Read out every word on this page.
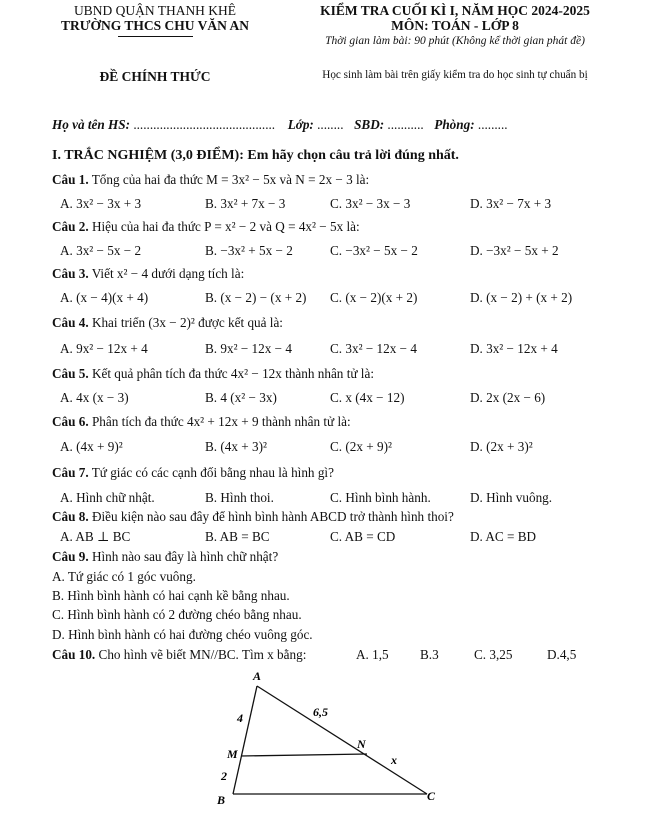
UBND QUẬN THANH KHÊ
TRƯỜNG THCS CHU VĂN AN
ĐỀ CHÍNH THỨC
KIỂM TRA CUỐI KÌ I, NĂM HỌC 2024-2025
MÔN: TOÁN - LỚP 8
Thời gian làm bài: 90 phút (Không kể thời gian phát đề)
Học sinh làm bài trên giấy kiểm tra do học sinh tự chuẩn bị
Họ và tên HS: ........................................... Lớp: ........ SBD: ........... Phòng: .........
I. TRẮC NGHIỆM (3,0 ĐIỂM): Em hãy chọn câu trả lời đúng nhất.
Câu 1. Tổng của hai đa thức M = 3x² − 5x và N = 2x − 3 là:
A. 3x² − 3x + 3	B. 3x² + 7x − 3	C. 3x² − 3x − 3	D. 3x² − 7x + 3
Câu 2. Hiệu của hai đa thức P = x² − 2 và Q = 4x² − 5x là:
A. 3x² − 5x − 2	B. −3x² + 5x − 2	C. −3x² − 5x − 2	D. −3x² − 5x + 2
Câu 3. Viết x² − 4 dưới dạng tích là:
A. (x − 4)(x + 4)	B. (x − 2) − (x + 2) C. (x − 2)(x + 2)	D. (x − 2) + (x + 2)
Câu 4. Khai triển (3x − 2)² được kết quả là:
A. 9x² − 12x + 4	B. 9x² − 12x − 4	C. 3x² − 12x − 4	D. 3x² − 12x + 4
Câu 5. Kết quả phân tích đa thức 4x² − 12x thành nhân tử là:
A. 4x (x − 3)	B. 4 (x² − 3x)	C. x (4x − 12)	D. 2x (2x − 6)
Câu 6. Phân tích đa thức 4x² + 12x + 9 thành nhân tử là:
A. (4x + 9)²	B. (4x + 3)²	C. (2x + 9)²	D. (2x + 3)²
Câu 7. Tứ giác có các cạnh đối bằng nhau là hình gì?
A. Hình chữ nhật.	B. Hình thoi.	C. Hình bình hành.	D. Hình vuông.
Câu 8. Điều kiện nào sau đây để hình bình hành ABCD trở thành hình thoi?
A. AB ⊥ BC	B. AB = BC	C. AB = CD	D. AC = BD
Câu 9. Hình nào sau đây là hình chữ nhật?
A. Tứ giác có 1 góc vuông.
B. Hình bình hành có hai cạnh kề bằng nhau.
C. Hình bình hành có 2 đường chéo bằng nhau.
D. Hình bình hành có hai đường chéo vuông góc.
Câu 10. Cho hình vẽ biết MN//BC. Tìm x bằng:	A. 1,5 B.3	C. 3,25	D.4,5
A
M
N
B	C
4
2
6,5
x
